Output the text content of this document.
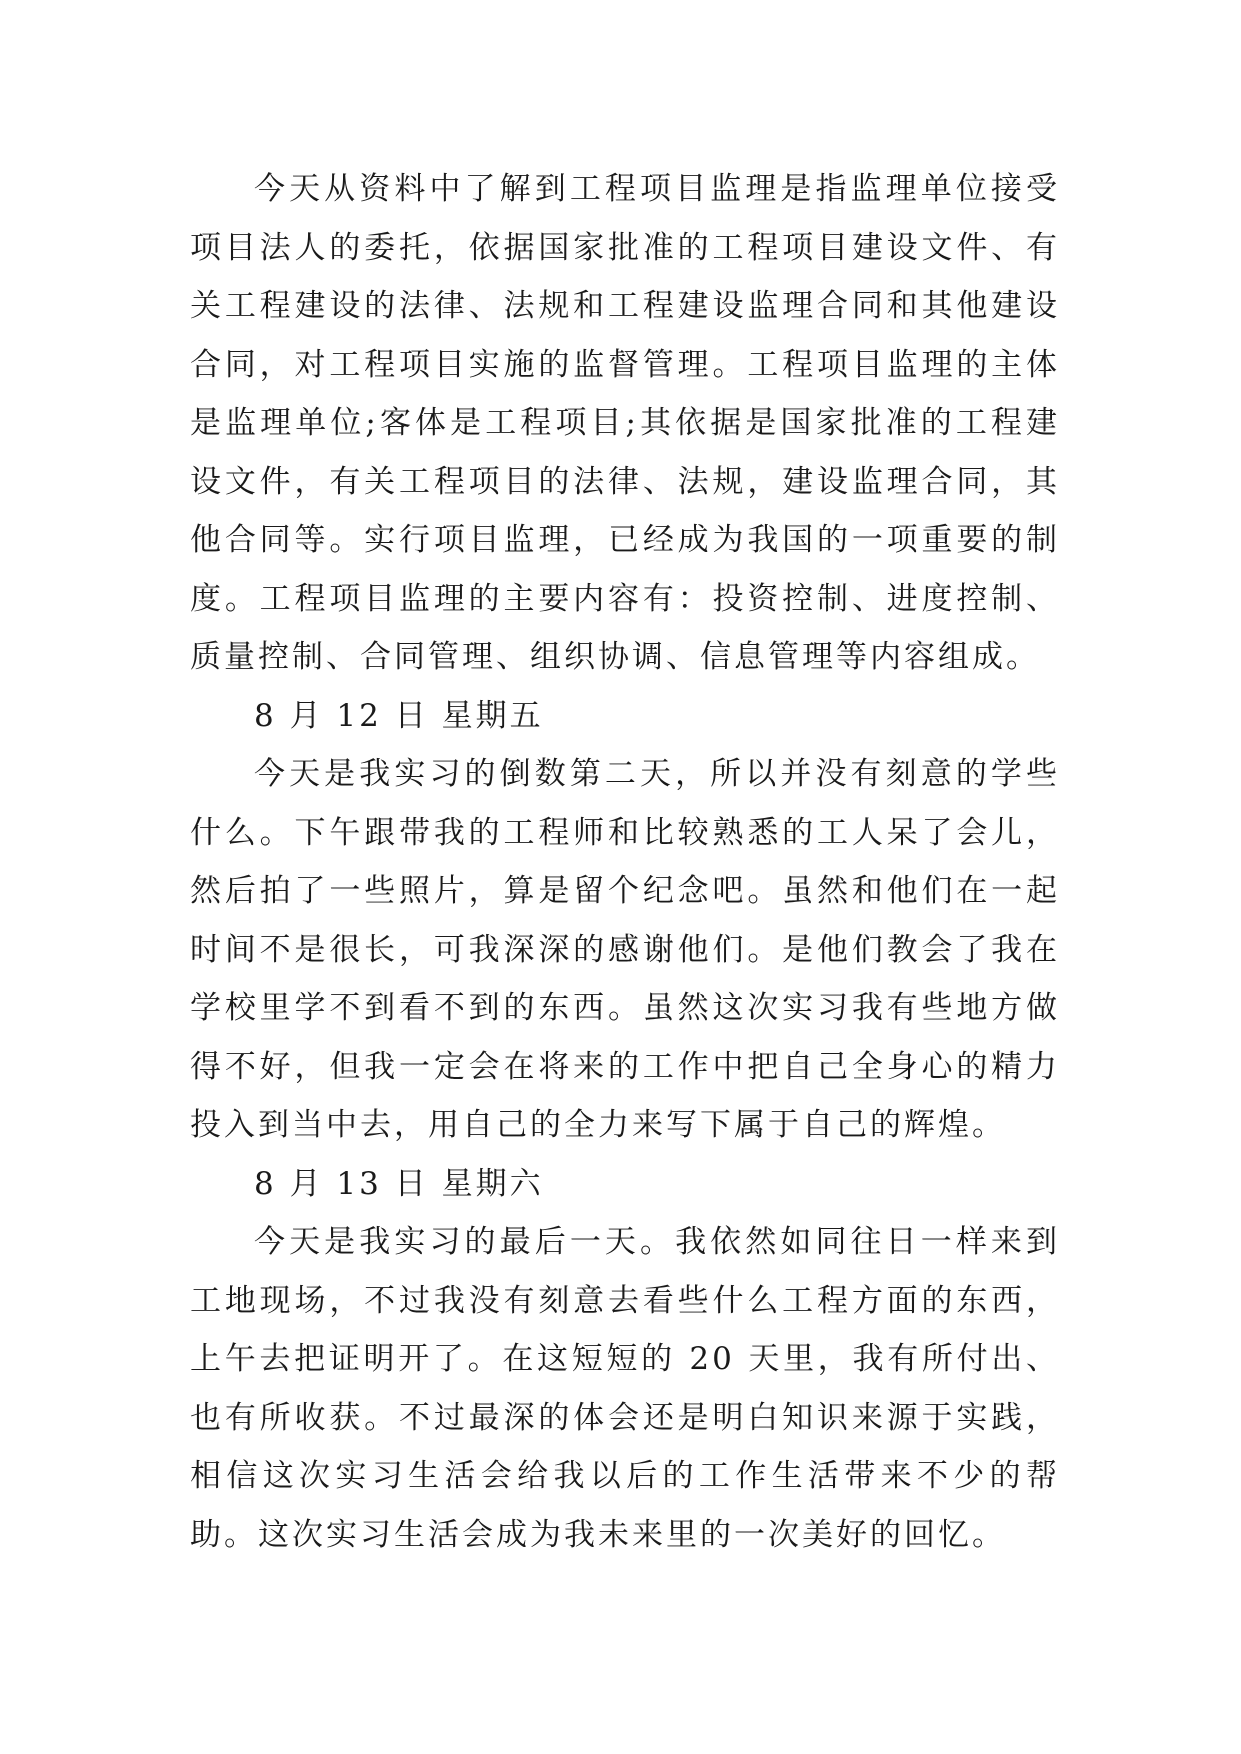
今天从资料中了解到工程项目监理是指监理单位接受项目法人的委托，依据国家批准的工程项目建设文件、有关工程建设的法律、法规和工程建设监理合同和其他建设合同，对工程项目实施的监督管理。工程项目监理的主体是监理单位;客体是工程项目;其依据是国家批准的工程建设文件，有关工程项目的法律、法规，建设监理合同，其他合同等。实行项目监理，已经成为我国的一项重要的制度。工程项目监理的主要内容有：投资控制、进度控制、质量控制、合同管理、组织协调、信息管理等内容组成。

8 月 12 日 星期五

今天是我实习的倒数第二天，所以并没有刻意的学些什么。下午跟带我的工程师和比较熟悉的工人呆了会儿，然后拍了一些照片，算是留个纪念吧。虽然和他们在一起时间不是很长，可我深深的感谢他们。是他们教会了我在学校里学不到看不到的东西。虽然这次实习我有些地方做得不好，但我一定会在将来的工作中把自己全身心的精力投入到当中去，用自己的全力来写下属于自己的辉煌。

8 月 13 日 星期六

今天是我实习的最后一天。我依然如同往日一样来到工地现场，不过我没有刻意去看些什么工程方面的东西，上午去把证明开了。在这短短的 20 天里，我有所付出、也有所收获。不过最深的体会还是明白知识来源于实践，相信这次实习生活会给我以后的工作生活带来不少的帮助。这次实习生活会成为我未来里的一次美好的回忆。
